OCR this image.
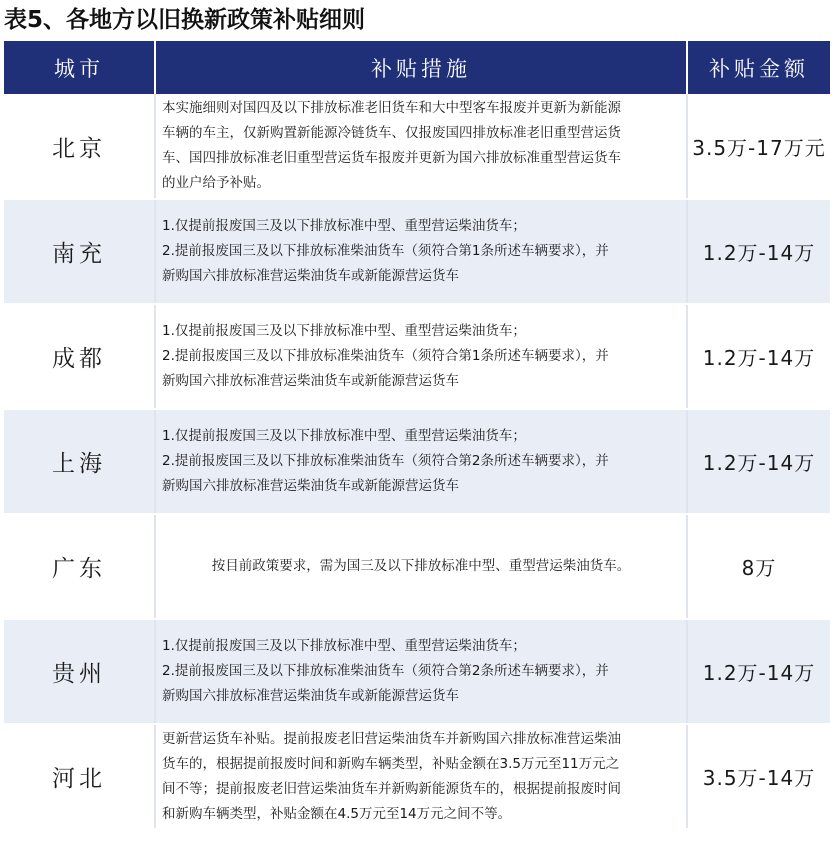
表5、各地方以旧换新政策补贴细则
城市	补贴措施	补贴金额
北京	本实施细则对国四及以下排放标准老旧货车和大中型客车报废并更新为新能源
车辆的车主，仅新购置新能源冷链货车、仅报废国四排放标准老旧重型营运货
车、国四排放标准老旧重型营运货车报废并更新为国六排放标准重型营运货车
的业户给予补贴。	3.5万-17万元
南充	1.仅提前报废国三及以下排放标准中型、重型营运柴油货车；
2.提前报废国三及以下排放标准柴油货车（须符合第1条所述车辆要求），并
新购国六排放标准营运柴油货车或新能源营运货车	1.2万-14万
成都	1.仅提前报废国三及以下排放标准中型、重型营运柴油货车；
2.提前报废国三及以下排放标准柴油货车（须符合第1条所述车辆要求），并
新购国六排放标准营运柴油货车或新能源营运货车	1.2万-14万
上海	1.仅提前报废国三及以下排放标准中型、重型营运柴油货车；
2.提前报废国三及以下排放标准柴油货车（须符合第2条所述车辆要求），并
新购国六排放标准营运柴油货车或新能源营运货车	1.2万-14万
广东	按目前政策要求，需为国三及以下排放标准中型、重型营运柴油货车。	8万
贵州	1.仅提前报废国三及以下排放标准中型、重型营运柴油货车；
2.提前报废国三及以下排放标准柴油货车（须符合第2条所述车辆要求），并
新购国六排放标准营运柴油货车或新能源营运货车	1.2万-14万
河北	更新营运货车补贴。提前报废老旧营运柴油货车并新购国六排放标准营运柴油
货车的，根据提前报废时间和新购车辆类型，补贴金额在3.5万元至11万元之
间不等；提前报废老旧营运柴油货车并新购新能源货车的，根据提前报废时间
和新购车辆类型，补贴金额在4.5万元至14万元之间不等。	3.5万-14万
